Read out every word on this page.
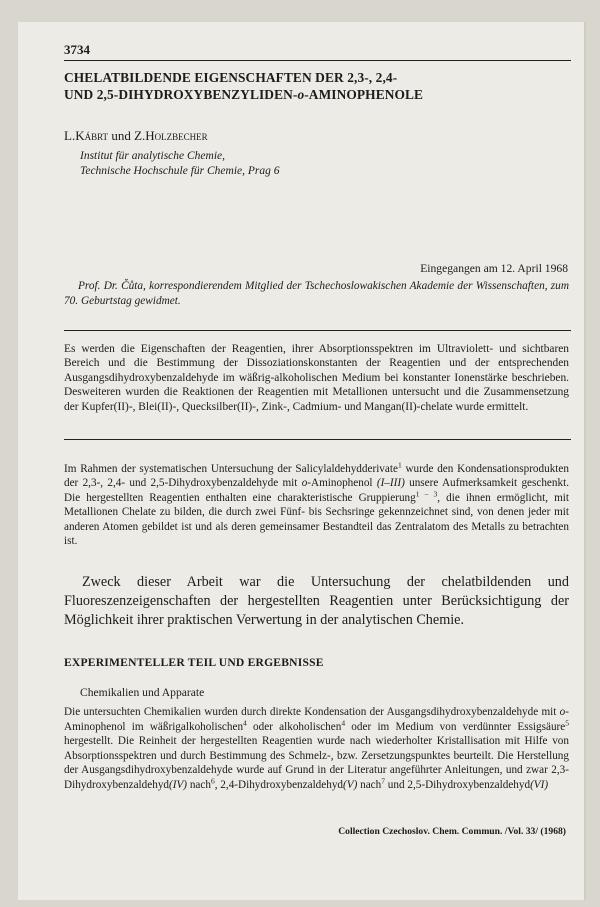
3734
CHELATBILDENDE EIGENSCHAFTEN DER 2,3-, 2,4-
UND 2,5-DIHYDROXYBENZYLIDEN-o-AMINOPHENOLE
L.Kábrt und Z.Holzbecher
Institut für analytische Chemie,
Technische Hochschule für Chemie, Prag 6
Eingegangen am 12. April 1968
Prof. Dr. Čůta, korrespondierendem Mitglied der Tschechoslowakischen Akademie der Wissenschaften, zum 70. Geburtstag gewidmet.
Es werden die Eigenschaften der Reagentien, ihrer Absorptionsspektren im Ultraviolett- und sichtbaren Bereich und die Bestimmung der Dissoziationskonstanten der Reagentien und der entsprechenden Ausgangsdihydroxybenzaldehyde im wäßrig-alkoholischen Medium bei konstanter Ionenstärke beschrieben. Desweiteren wurden die Reaktionen der Reagentien mit Metallionen untersucht und die Zusammensetzung der Kupfer(II)-, Blei(II)-, Quecksilber(II)-, Zink-, Cadmium- und Mangan(II)-chelate wurde ermittelt.
Im Rahmen der systematischen Untersuchung der Salicylaldehydderivate$^1$ wurde den Kondensationsprodukten der 2,3-, 2,4- und 2,5-Dihydroxybenzaldehyde mit o-Aminophenol (I–III) unsere Aufmerksamkeit geschenkt. Die hergestellten Reagentien enthalten eine charakteristische Gruppierung$^{1 - 3}$, die ihnen ermöglicht, mit Metallionen Chelate zu bilden, die durch zwei Fünf- bis Sechsringe gekennzeichnet sind, von denen jeder mit anderen Atomen gebildet ist und als deren gemeinsamer Bestandteil das Zentralatom des Metalls zu betrachten ist.
Zweck dieser Arbeit war die Untersuchung der chelatbildenden und Fluoreszenzeigenschaften der hergestellten Reagentien unter Berücksichtigung der Möglichkeit ihrer praktischen Verwertung in der analytischen Chemie.
EXPERIMENTELLER TEIL UND ERGEBNISSE
Chemikalien und Apparate
Die untersuchten Chemikalien wurden durch direkte Kondensation der Ausgangsdihydroxybenzaldehyde mit o-Aminophenol im wäßrigalkoholischen$^4$ oder alkoholischen$^4$ oder im Medium von verdünnter Essigsäure$^5$ hergestellt. Die Reinheit der hergestellten Reagentien wurde nach wiederholter Kristallisation mit Hilfe von Absorptionsspektren und durch Bestimmung des Schmelz-, bzw. Zersetzungspunktes beurteilt. Die Herstellung der Ausgangsdihydroxybenzaldehyde wurde auf Grund in der Literatur angeführter Anleitungen, und zwar 2,3-Dihydroxybenzaldehyd(IV) nach$^6$, 2,4-Dihydroxybenzaldehyd(V) nach$^7$ und 2,5-Dihydroxybenzaldehyd(VI)
Collection Czechoslov. Chem. Commun. /Vol. 33/ (1968)
